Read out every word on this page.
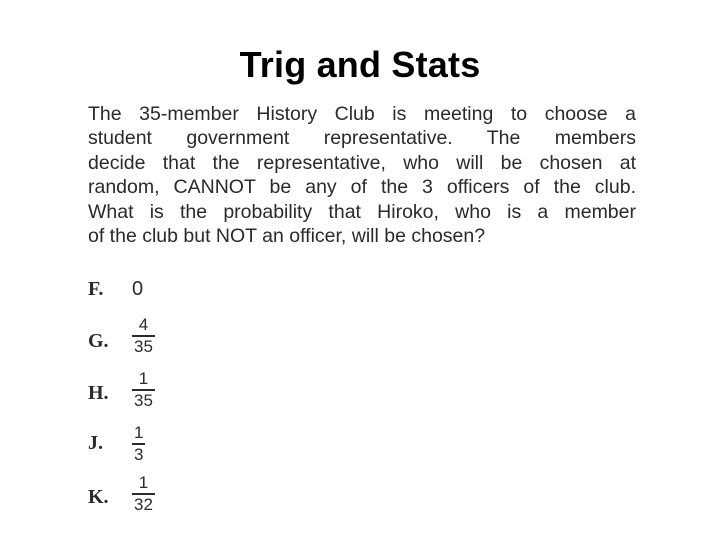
Trig and Stats
The 35-member History Club is meeting to choose a
student government representative. The members
decide that the representative, who will be chosen at
random, CANNOT be any of the 3 officers of the club.
What is the probability that Hiroko, who is a member
of the club but NOT an officer, will be chosen?
F. 0
G.
4
35
H.
1
35
J. 1
3
K.
1
32
